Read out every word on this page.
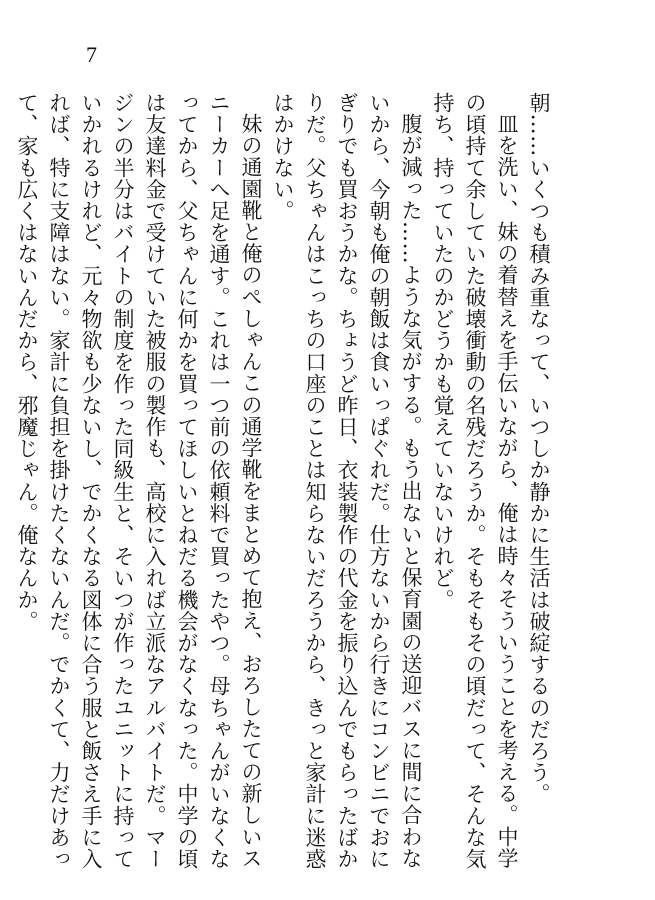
7

朝……いくつも積み重なって、いつしか静かに生活は破綻するのだろう。

皿を洗い、妹の着替えを手伝いながら、俺は時々そういうことを考える。中学の頃持て余していた破壊衝動の名残だろうか。そもそもその頃だって、そんな気持ち、持っていたのかどうかも覚えていないけれど。

腹が減った……ような気がする。もう出ないと保育園の送迎バスに間に合わないから、今朝も俺の朝飯は食いっぱぐれだ。仕方ないから行きにコンビニでおにぎりでも買おうかな。ちょうど昨日、衣装製作の代金を振り込んでもらったばかりだ。父ちゃんはこっちの口座のことは知らないだろうから、きっと家計に迷惑はかけない。

妹の通園靴と俺のぺしゃんこの通学靴をまとめて抱え、おろしたての新しいスニーカーへ足を通す。これは一つ前の依頼料で買ったやつ。母ちゃんがいなくなってから、父ちゃんに何かを買ってほしいとねだる機会がなくなった。中学の頃は友達料金で受けていた被服の製作も、高校に入れば立派なアルバイトだ。マージンの半分はバイトの制度を作った同級生と、そいつが作ったユニットに持っていかれるけれど、元々物欲も少ないし、でかくなる図体に合う服と飯さえ手に入れば、特に支障はない。家計に負担を掛けたくないんだ。でかくて、力だけあって、家も広くはないんだから、邪魔じゃん。俺なんか。
